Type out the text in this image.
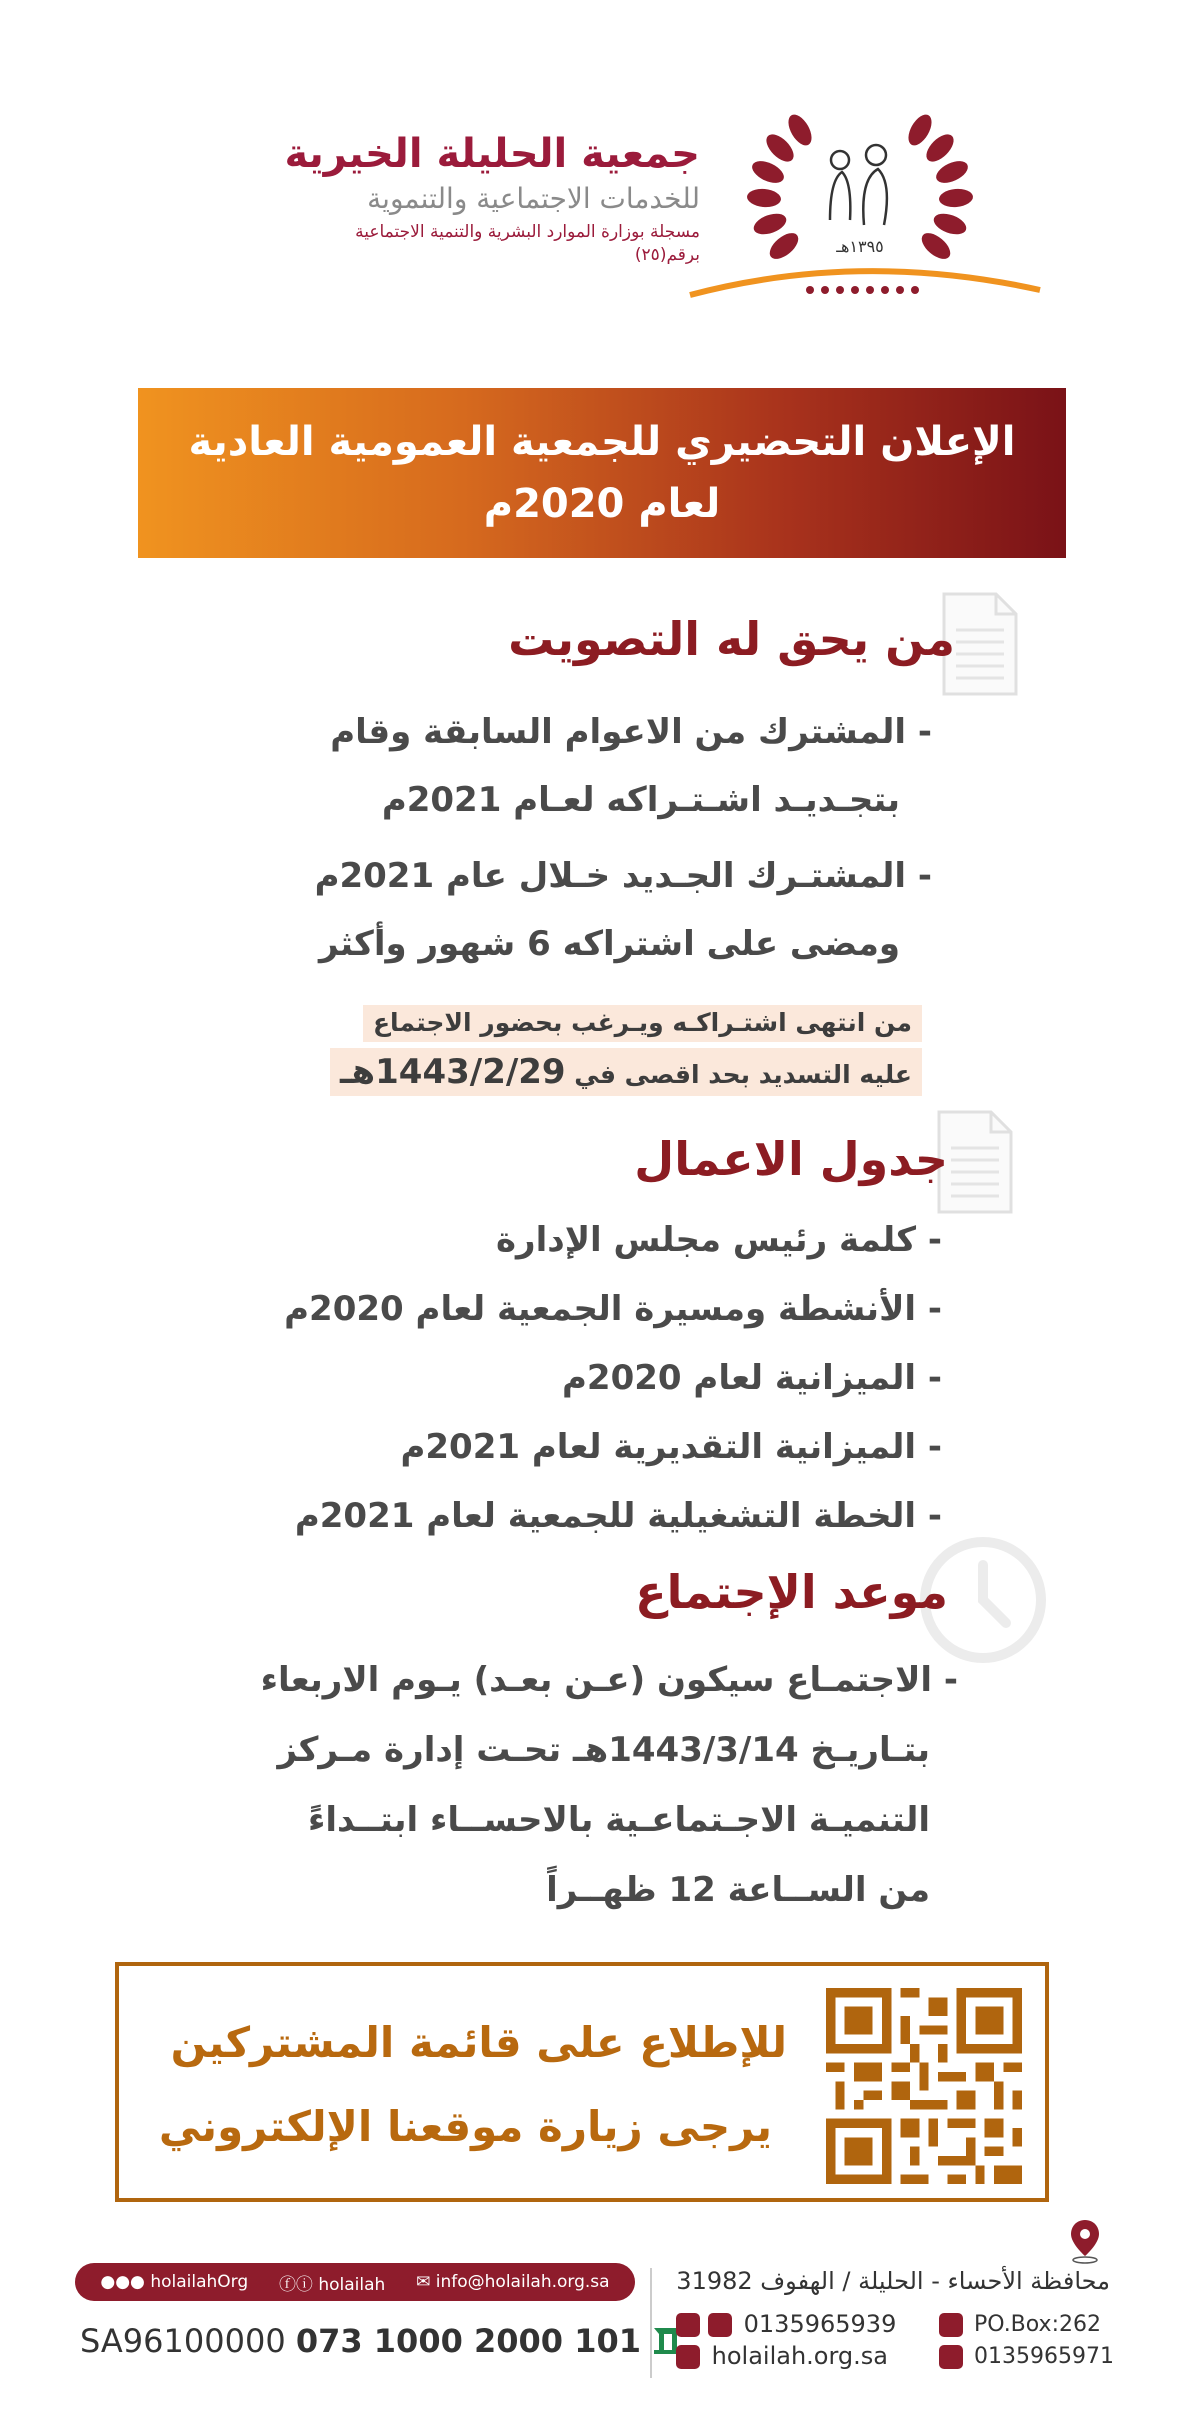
١٣٩٥هـ
جمعية الحليلة الخيرية
للخدمات الاجتماعية والتنموية
مسجلة بوزارة الموارد البشرية والتنمية الاجتماعية
برقم(٢٥)
الإعلان التحضيري للجمعية العمومية العادية
لعام 2020م
من يحق له التصويت
- المشترك من الاعوام السابقة وقام
بتجـديـد اشـتـراكه لعـام 2021م
- المشتـرك الجـديد خـلال عام 2021م
ومضى على اشتراكه 6 شهور وأكثر
من انتهى اشتـراكـه ويـرغب بحضور الاجتماع
عليه التسديد بحد اقصى في 1443/2/29هـ
جدول الاعمال
- كلمة رئيس مجلس الإدارة
- الأنشطة ومسيرة الجمعية لعام 2020م
- الميزانية لعام 2020م
- الميزانية التقديرية لعام 2021م
- الخطة التشغيلية للجمعية لعام 2021م
موعد الإجتماع
- الاجتمـاع سيكون (عـن بعـد) يـوم الاربعاء
بتـاريـخ 1443/3/14هـ تحـت إدارة مـركز
التنميـة الاجـتماعـية بالاحســاء ابتــداءً
من الســاعة 12 ظهــراً
للإطلاع على قائمة المشتركين
يرجى زيارة موقعنا الإلكتروني
●●● holailahOrg ⓕⓘ holailah ✉ info@holailah.org.sa
SA96100000 073 1000 2000 101
محافظة الأحساء - الحليلة / الهفوف 31982
0135965939
holailah.org.sa
PO.Box:262
0135965971
